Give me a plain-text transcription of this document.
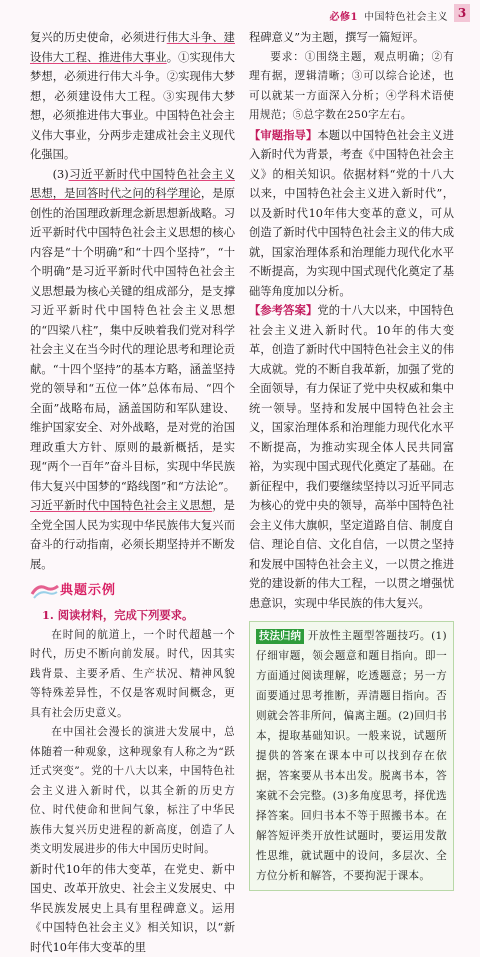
必修1 中国特色社会主义 3

复兴的历史使命，必须进行伟大斗争、建设伟大工程、推进伟大事业。①实现伟大梦想，必须进行伟大斗争。②实现伟大梦想，必须建设伟大工程。③实现伟大梦想，必须推进伟大事业。中国特色社会主义伟大事业，分两步走建成社会主义现代化强国。

(3)习近平新时代中国特色社会主义思想，是回答时代之问的科学理论，是原创性的治国理政新理念新思想新战略。习近平新时代中国特色社会主义思想的核心内容是“十个明确”和“十四个坚持”，“十个明确”是习近平新时代中国特色社会主义思想最为核心关键的组成部分，是支撑习近平新时代中国特色社会主义思想的“四梁八柱”，集中反映着我们党对科学社会主义在当今时代的理论思考和理论贡献。“十四个坚持”的基本方略，涵盖坚持党的领导和“五位一体”总体布局、“四个全面”战略布局，涵盖国防和军队建设、维护国家安全、对外战略，是对党的治国理政重大方针、原则的最新概括，是实现“两个一百年”奋斗目标，实现中华民族伟大复兴中国梦的“路线图”和“方法论”。习近平新时代中国特色社会主义思想，是全党全国人民为实现中华民族伟大复兴而奋斗的行动指南，必须长期坚持并不断发展。

典题示例

1. 阅读材料，完成下列要求。

在时间的航道上，一个时代超越一个时代，历史不断向前发展。时代，因其实践背景、主要矛盾、生产状况、精神风貌等特殊差异性，不仅是客观时间概念，更具有社会历史意义。

在中国社会漫长的演进大发展中，总体随着一种观象，这种现象有人称之为“跃迁式突变”。党的十八大以来，中国特色社会主义进入新时代，以其全新的历史方位、时代使命和世间气象，标注了中华民族伟大复兴历史进程的新高度，创造了人类文明发展进步的伟大中国历史时间。

新时代10年的伟大变革，在党史、新中国史、改革开放史、社会主义发展史、中华民族发展史上具有里程碑意义。运用《中国特色社会主义》相关知识，以“新时代10年伟大变革的里

程碑意义”为主题，撰写一篇短评。

要求：①围绕主题，观点明确；②有理有据，逻辑清晰；③可以综合论述，也可以就某一方面深入分析；④学科术语使用规范；⑤总字数在250字左右。

【审题指导】本题以中国特色社会主义进入新时代为背景，考查《中国特色社会主义》的相关知识。依据材料“党的十八大以来，中国特色社会主义进入新时代”，以及新时代10年伟大变革的意义，可从创造了新时代中国特色社会主义的伟大成就，国家治理体系和治理能力现代化水平不断提高，为实现中国式现代化奠定了基础等角度加以分析。

【参考答案】党的十八大以来，中国特色社会主义进入新时代。10年的伟大变革，创造了新时代中国特色社会主义的伟大成就。党的不断自我革新，加强了党的全面领导，有力保证了党中央权威和集中统一领导。坚持和发展中国特色社会主义，国家治理体系和治理能力现代化水平不断提高，为推动实现全体人民共同富裕，为实现中国式现代化奠定了基础。在新征程中，我们要继续坚持以习近平同志为核心的党中央的领导，高举中国特色社会主义伟大旗帜，坚定道路自信、制度自信、理论自信、文化自信，一以贯之坚持和发展中国特色社会主义，一以贯之推进党的建设新的伟大工程，一以贯之增强忧患意识，实现中华民族的伟大复兴。

技法归纳 开放性主题型答题技巧。(1)仔细审题，领会题意和题目指向。即一方面通过阅读理解，吃透题意；另一方面要通过思考推断，弄清题目指向。否则就会答非所问，偏离主题。(2)回归书本，提取基础知识。一般来说，试题所提供的答案在课本中可以找到存在依据，答案要从书本出发。脱离书本，答案就不会完整。(3)多角度思考，择优选择答案。回归书本不等于照搬书本。在解答短评类开放性试题时，要运用发散性思维，就试题中的设问，多层次、全方位分析和解答，不要拘泥于课本。
